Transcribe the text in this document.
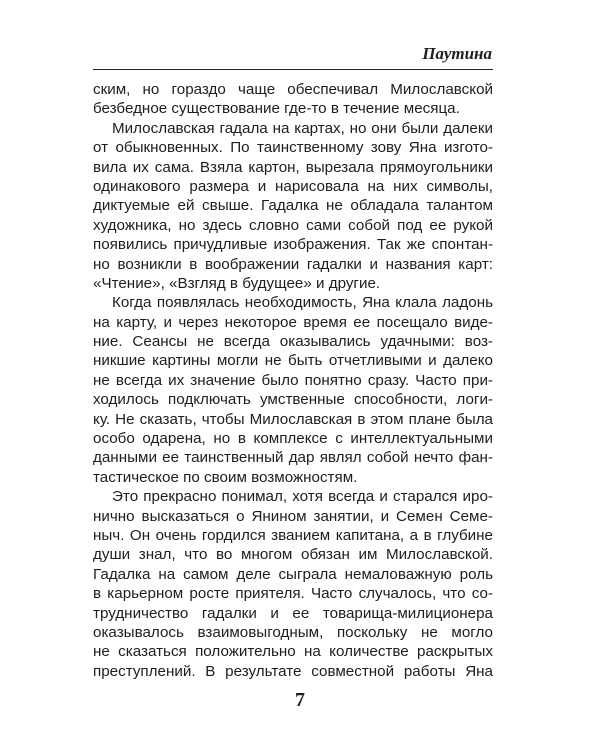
Паутина
ским, но гораздо чаще обеспечивал Милославской
безбедное существование где-то в течение месяца.
Милославская гадала на картах, но они были далеки
от обыкновенных. По таинственному зову Яна изгото-
вила их сама. Взяла картон, вырезала прямоугольники
одинакового размера и нарисовала на них символы,
диктуемые ей свыше. Гадалка не обладала талантом
художника, но здесь словно сами собой под ее рукой
появились причудливые изображения. Так же спонтан-
но возникли в воображении гадалки и названия карт:
«Чтение», «Взгляд в будущее» и другие.
Когда появлялась необходимость, Яна клала ладонь
на карту, и через некоторое время ее посещало виде-
ние. Сеансы не всегда оказывались удачными: воз-
никшие картины могли не быть отчетливыми и далеко
не всегда их значение было понятно сразу. Часто при-
ходилось подключать умственные способности, логи-
ку. Не сказать, чтобы Милославская в этом плане была
особо одарена, но в комплексе с интеллектуальными
данными ее таинственный дар являл собой нечто фан-
тастическое по своим возможностям.
Это прекрасно понимал, хотя всегда и старался иро-
нично высказаться о Янином занятии, и Семен Семе-
ныч. Он очень гордился званием капитана, а в глубине
души знал, что во многом обязан им Милославской.
Гадалка на самом деле сыграла немаловажную роль
в карьерном росте приятеля. Часто случалось, что со-
трудничество гадалки и ее товарища-милиционера
оказывалось взаимовыгодным, поскольку не могло
не сказаться положительно на количестве раскрытых
преступлений. В результате совместной работы Яна
7
